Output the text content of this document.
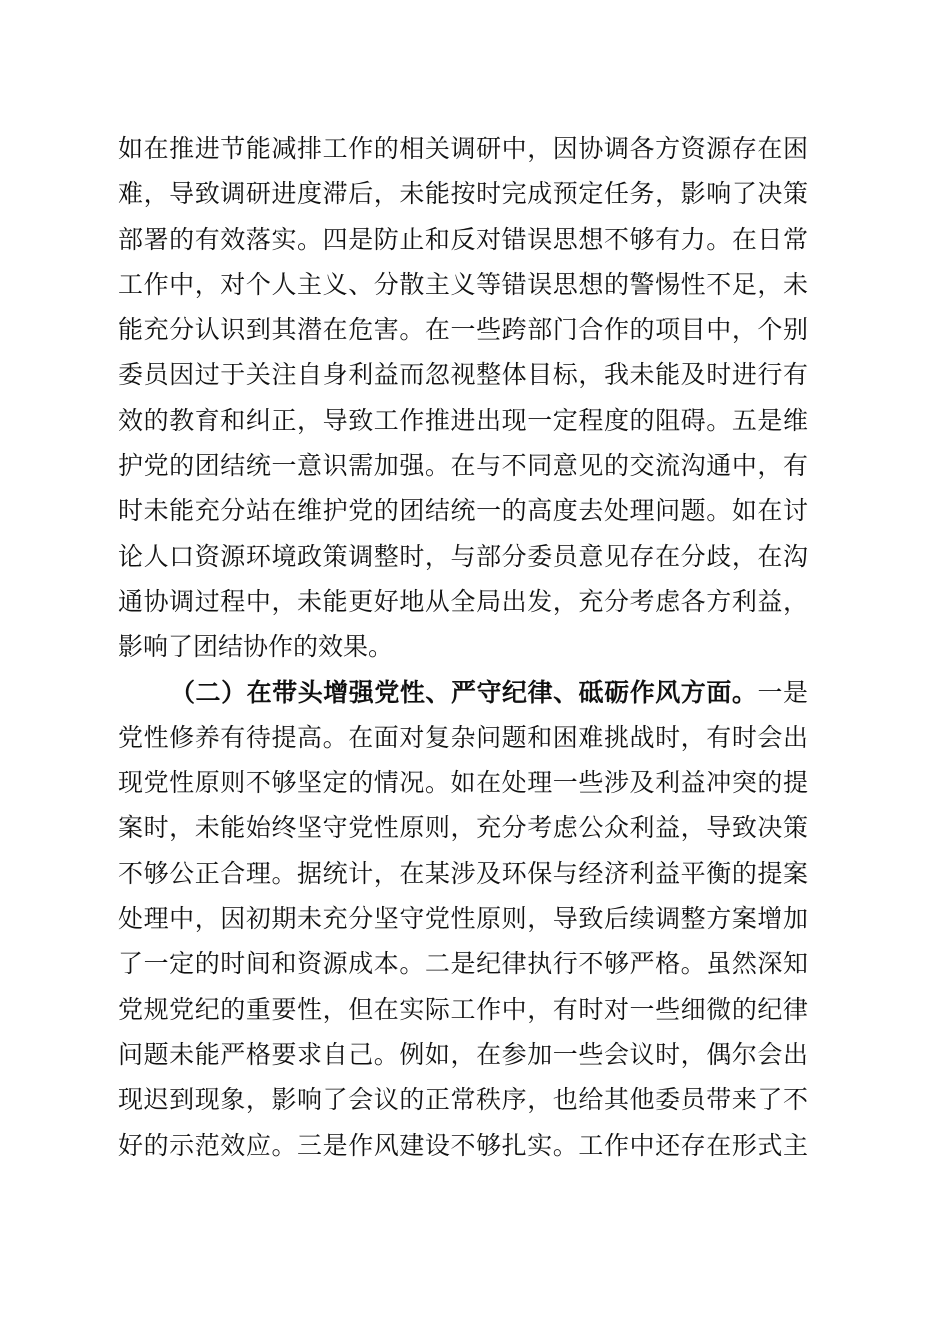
如在推进节能减排工作的相关调研中，因协调各方资源存在困
难，导致调研进度滞后，未能按时完成预定任务，影响了决策
部署的有效落实。四是防止和反对错误思想不够有力。在日常
工作中，对个人主义、分散主义等错误思想的警惕性不足，未
能充分认识到其潜在危害。在一些跨部门合作的项目中，个别
委员因过于关注自身利益而忽视整体目标，我未能及时进行有
效的教育和纠正，导致工作推进出现一定程度的阻碍。五是维
护党的团结统一意识需加强。在与不同意见的交流沟通中，有
时未能充分站在维护党的团结统一的高度去处理问题。如在讨
论人口资源环境政策调整时，与部分委员意见存在分歧，在沟
通协调过程中，未能更好地从全局出发，充分考虑各方利益，
影响了团结协作的效果。
（二）在带头增强党性、严守纪律、砥砺作风方面。一是
党性修养有待提高。在面对复杂问题和困难挑战时，有时会出
现党性原则不够坚定的情况。如在处理一些涉及利益冲突的提
案时，未能始终坚守党性原则，充分考虑公众利益，导致决策
不够公正合理。据统计，在某涉及环保与经济利益平衡的提案
处理中，因初期未充分坚守党性原则，导致后续调整方案增加
了一定的时间和资源成本。二是纪律执行不够严格。虽然深知
党规党纪的重要性，但在实际工作中，有时对一些细微的纪律
问题未能严格要求自己。例如，在参加一些会议时，偶尔会出
现迟到现象，影响了会议的正常秩序，也给其他委员带来了不
好的示范效应。三是作风建设不够扎实。工作中还存在形式主
